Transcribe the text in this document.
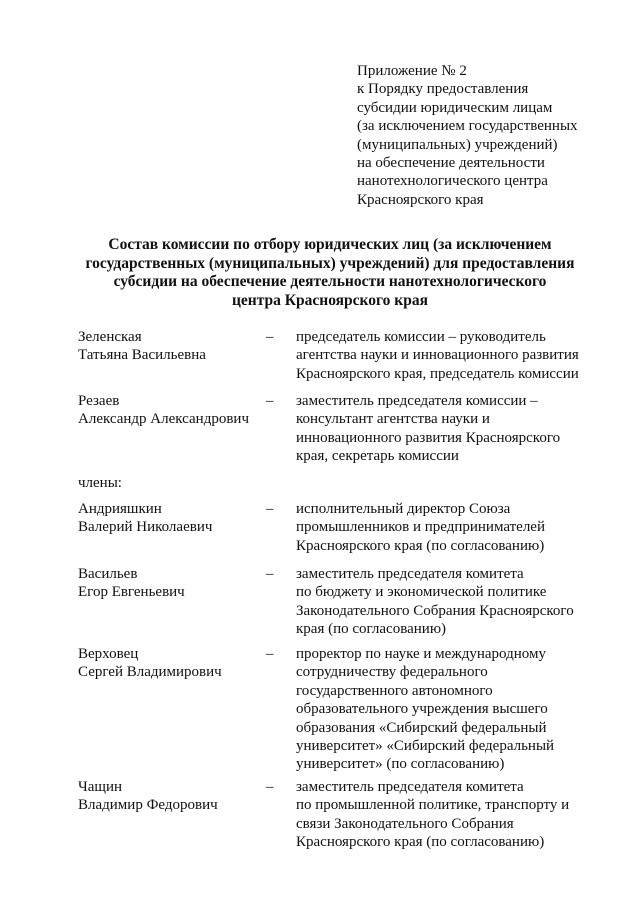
Приложение № 2
к Порядку предоставления
субсидии юридическим лицам
(за исключением государственных
(муниципальных) учреждений)
на обеспечение деятельности
нанотехнологического центра
Красноярского края
Состав комиссии по отбору юридических лиц (за исключением
государственных (муниципальных) учреждений) для предоставления
субсидии на обеспечение деятельности нанотехнологического
центра Красноярского края
Зеленская
Татьяна Васильевна
– председатель комиссии – руководитель
агентства науки и инновационного развития
Красноярского края, председатель комиссии
Резаев
Александр Александрович
– заместитель председателя комиссии –
консультант агентства науки и
инновационного развития Красноярского
края, секретарь комиссии
члены:
Андрияшкин
Валерий Николаевич
– исполнительный директор Союза
промышленников и предпринимателей
Красноярского края (по согласованию)
Васильев
Егор Евгеньевич
– заместитель председателя комитета
по бюджету и экономической политике
Законодательного Собрания Красноярского
края (по согласованию)
Верховец
Сергей Владимирович
– проректор по науке и международному
сотрудничеству федерального
государственного автономного
образовательного учреждения высшего
образования «Сибирский федеральный
университет» «Сибирский федеральный
университет» (по согласованию)
Чащин
Владимир Федорович
– заместитель председателя комитета
по промышленной политике, транспорту и
связи Законодательного Собрания
Красноярского края (по согласованию)
